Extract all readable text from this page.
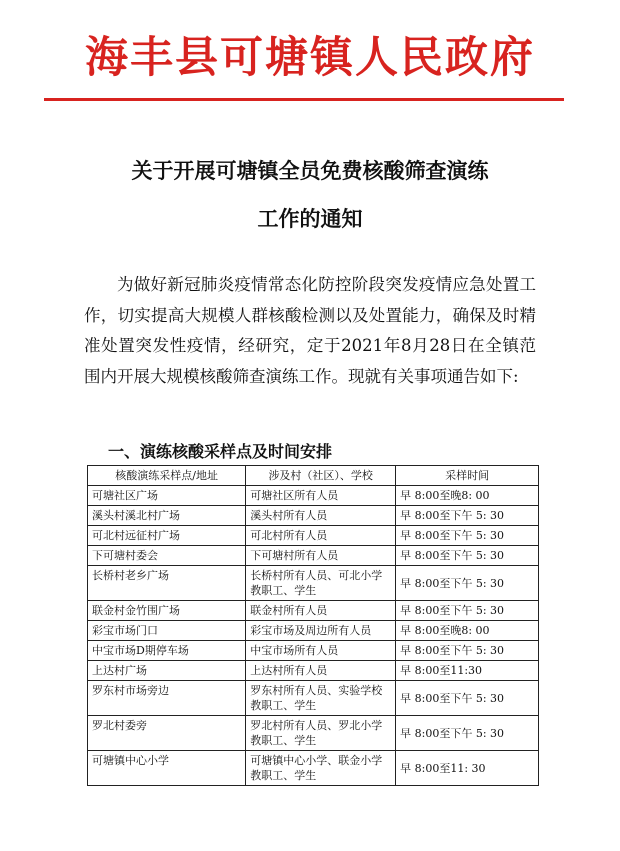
海丰县可塘镇人民政府
关于开展可塘镇全员免费核酸筛查演练
工作的通知

为做好新冠肺炎疫情常态化防控阶段突发疫情应急处置工作，切实提高大规模人群核酸检测以及处置能力，确保及时精准处置突发性疫情，经研究，定于2021年8月28日在全镇范围内开展大规模核酸筛查演练工作。现就有关事项通告如下:

一、演练核酸采样点及时间安排
核酸演练采样点/地址	涉及村（社区）、学校	采样时间
可塘社区广场	可塘社区所有人员	早 8:00至晚8: 00
溪头村溪北村广场	溪头村所有人员	早 8:00至下午 5: 30
可北村远征村广场	可北村所有人员	早 8:00至下午 5: 30
下可塘村委会	下可塘村所有人员	早 8:00至下午 5: 30
长桥村老乡广场	长桥村所有人员、可北小学教职工、学生	早 8:00至下午 5: 30
联金村金竹围广场	联金村所有人员	早 8:00至下午 5: 30
彩宝市场门口	彩宝市场及周边所有人员	早 8:00至晚8: 00
中宝市场D期停车场	中宝市场所有人员	早 8:00至下午 5: 30
上达村广场	上达村所有人员	早 8:00至11:30
罗东村市场旁边	罗东村所有人员、实验学校教职工、学生	早 8:00至下午 5: 30
罗北村委旁	罗北村所有人员、罗北小学教职工、学生	早 8:00至下午 5: 30
可塘镇中心小学	可塘镇中心小学、联金小学教职工、学生	早 8:00至11: 30
